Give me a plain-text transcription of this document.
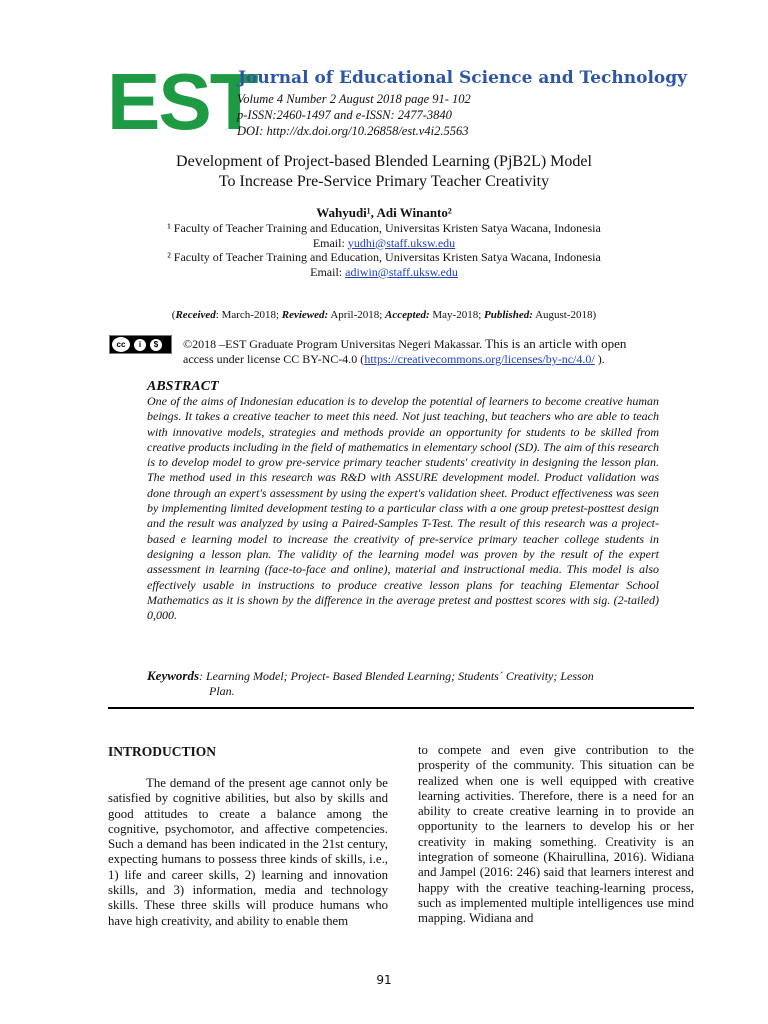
EST
Journal of Educational Science and Technology
Volume 4 Number 2 August 2018 page 91- 102
p-ISSN:2460-1497 and e-ISSN: 2477-3840
DOI: http://dx.doi.org/10.26858/est.v4i2.5563
Development of Project-based Blended Learning (PjB2L) Model
To Increase Pre-Service Primary Teacher Creativity
Wahyudi¹, Adi Winanto²
¹ Faculty of Teacher Training and Education, Universitas Kristen Satya Wacana, Indonesia
Email: yudhi@staff.uksw.edu
² Faculty of Teacher Training and Education, Universitas Kristen Satya Wacana, Indonesia
Email: adiwin@staff.uksw.edu
(Received: March-2018; Reviewed: April-2018; Accepted: May-2018; Published: August-2018)
cc	i	$	©2018 –EST Graduate Program Universitas Negeri Makassar. This is an article with open
access under license CC BY-NC-4.0 (https://creativecommons.org/licenses/by-nc/4.0/ ).
ABSTRACT
One of the aims of Indonesian education is to develop the potential of learners to become creative human beings. It takes a creative teacher to meet this need. Not just teaching, but teachers who are able to teach with innovative models, strategies and methods provide an opportunity for students to be skilled from creative products including in the field of mathematics in elementary school (SD). The aim of this research is to develop model to grow pre-service primary teacher students' creativity in designing the lesson plan. The method used in this research was R&D with ASSURE development model. Product validation was done through an expert's assessment by using the expert's validation sheet. Product effectiveness was seen by implementing limited development testing to a particular class with a one group pretest-posttest design and the result was analyzed by using a Paired-Samples T-Test. The result of this research was a project-based e learning model to increase the creativity of pre-service primary teacher college students in designing a lesson plan. The validity of the learning model was proven by the result of the expert assessment in learning (face-to-face and online), material and instructional media. This model is also effectively usable in instructions to produce creative lesson plans for teaching Elementar School Mathematics as it is shown by the difference in the average pretest and posttest scores with sig. (2-tailed) 0,000.
Keywords: Learning Model; Project- Based Blended Learning; Students´ Creativity; Lesson
Plan.
INTRODUCTION
The demand of the present age cannot only be satisfied by cognitive abilities, but also by skills and good attitudes to create a balance among the cognitive, psychomotor, and affective competencies. Such a demand has been indicated in the 21st century, expecting humans to possess three kinds of skills, i.e., 1) life and career skills, 2) learning and innovation skills, and 3) information, media and technology skills. These three skills will produce humans who have high creativity, and ability to enable them
to compete and even give contribution to the prosperity of the community. This situation can be realized when one is well equipped with creative learning activities. Therefore, there is a need for an ability to create creative learning in to provide an opportunity to the learners to develop his or her creativity in making something. Creativity is an integration of someone (Khairullina, 2016). Widiana and Jampel (2016: 246) said that learners interest and happy with the creative teaching-learning process, such as implemented multiple intelligences use mind mapping. Widiana and
91
